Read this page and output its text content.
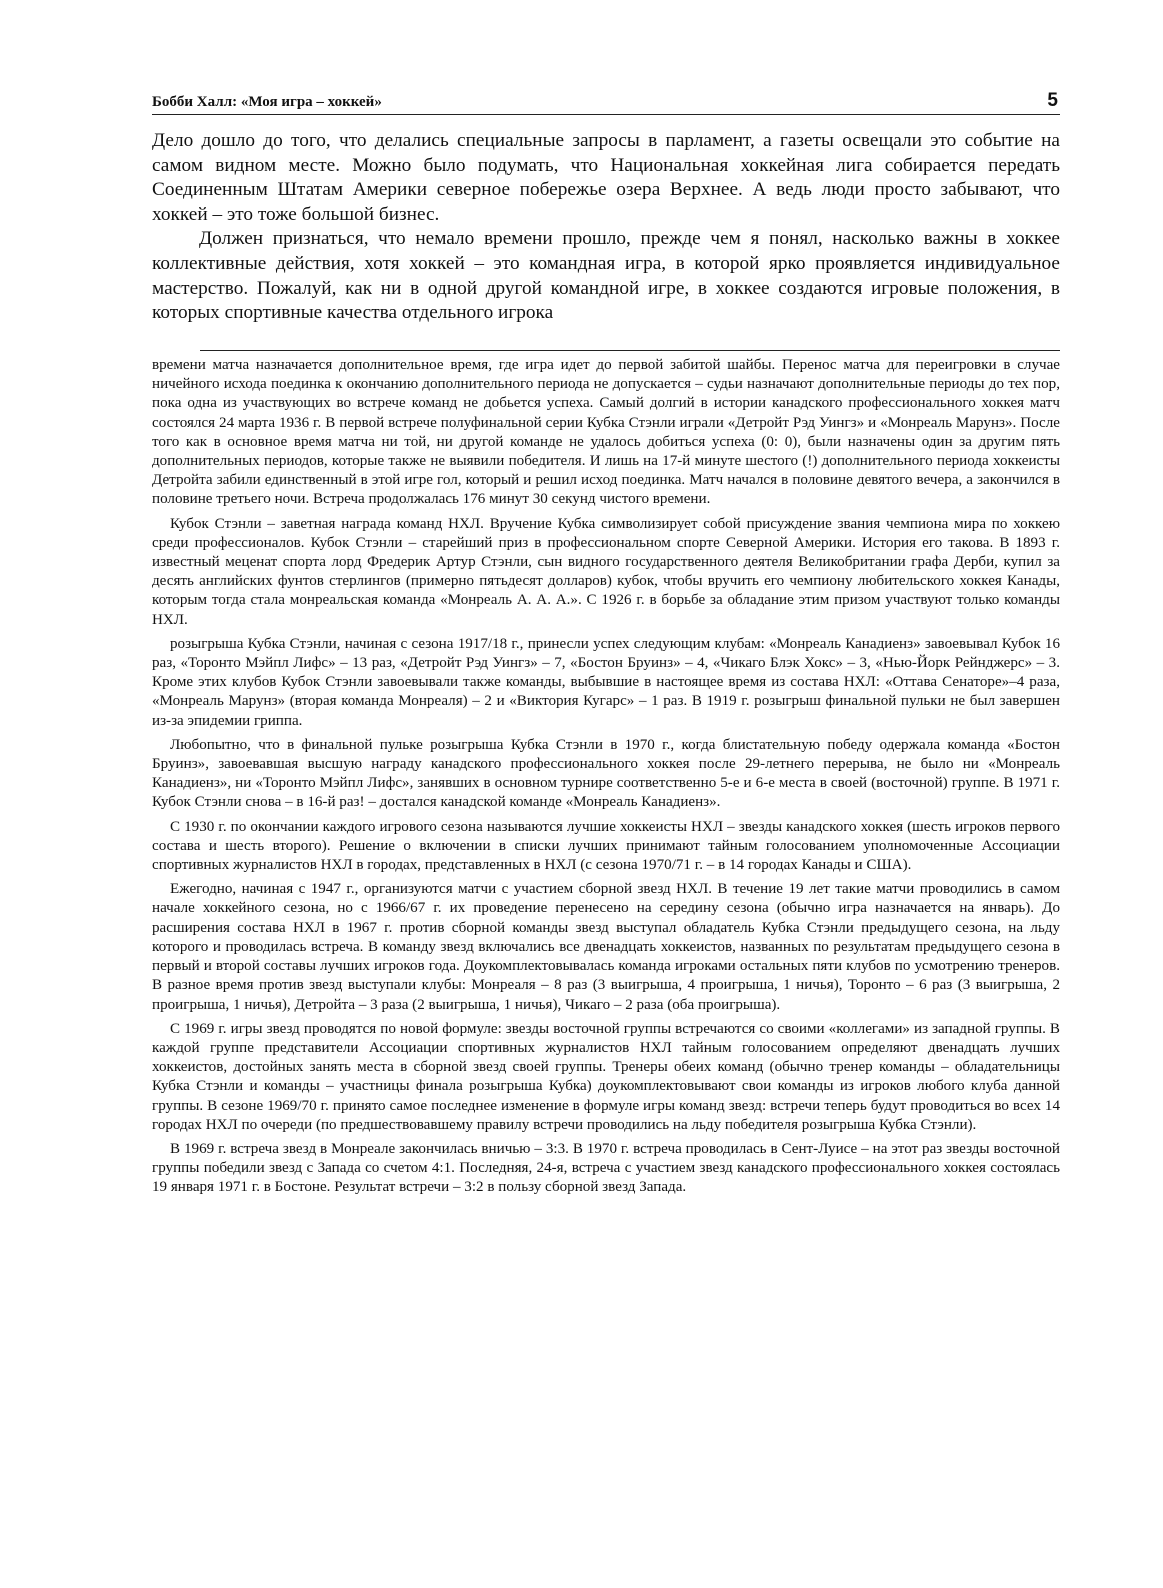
Бобби Халл: «Моя игра – хоккей»	5

Дело дошло до того, что делались специальные запросы в парламент, а газеты освещали это событие на самом видном месте. Можно было подумать, что Национальная хоккейная лига собирается передать Соединенным Штатам Америки северное побережье озера Верхнее. А ведь люди просто забывают, что хоккей – это тоже большой бизнес.

Должен признаться, что немало времени прошло, прежде чем я понял, насколько важны в хоккее коллективные действия, хотя хоккей – это командная игра, в которой ярко проявляется индивидуальное мастерство. Пожалуй, как ни в одной другой командной игре, в хоккее создаются игровые положения, в которых спортивные качества отдельного игрока

времени матча назначается дополнительное время, где игра идет до первой забитой шайбы. Перенос матча для переигровки в случае ничейного исхода поединка к окончанию дополнительного периода не допускается – судьи назначают дополнительные периоды до тех пор, пока одна из участвующих во встрече команд не добьется успеха. Самый долгий в истории канадского профессионального хоккея матч состоялся 24 марта 1936 г. В первой встрече полуфинальной серии Кубка Стэнли играли «Детройт Рэд Уингз» и «Монреаль Марунз». После того как в основное время матча ни той, ни другой команде не удалось добиться успеха (0: 0), были назначены один за другим пять дополнительных периодов, которые также не выявили победителя. И лишь на 17-й минуте шестого (!) дополнительного периода хоккеисты Детройта забили единственный в этой игре гол, который и решил исход поединка. Матч начался в половине девятого вечера, а закончился в половине третьего ночи. Встреча продолжалась 176 минут 30 секунд чистого времени.

Кубок Стэнли – заветная награда команд НХЛ. Вручение Кубка символизирует собой присуждение звания чемпиона мира по хоккею среди профессионалов. Кубок Стэнли – старейший приз в профессиональном спорте Северной Америки. История его такова. В 1893 г. известный меценат спорта лорд Фредерик Артур Стэнли, сын видного государственного деятеля Великобритании графа Дерби, купил за десять английских фунтов стерлингов (примерно пятьдесят долларов) кубок, чтобы вручить его чемпиону любительского хоккея Канады, которым тогда стала монреальская команда «Монреаль А. А. А.». С 1926 г. в борьбе за обладание этим призом участвуют только команды НХЛ.

розыгрыша Кубка Стэнли, начиная с сезона 1917/18 г., принесли успех следующим клубам: «Монреаль Канадиенз» завоевывал Кубок 16 раз, «Торонто Мэйпл Лифс» – 13 раз, «Детройт Рэд Уингз» – 7, «Бостон Бруинз» – 4, «Чикаго Блэк Хокс» – 3, «Нью-Йорк Рейнджерс» – 3. Кроме этих клубов Кубок Стэнли завоевывали также команды, выбывшие в настоящее время из состава НХЛ: «Оттава Сенаторе»–4 раза, «Монреаль Марунз» (вторая команда Монреаля) – 2 и «Виктория Кугарс» – 1 раз. В 1919 г. розыгрыш финальной пульки не был завершен из-за эпидемии гриппа.

Любопытно, что в финальной пульке розыгрыша Кубка Стэнли в 1970 г., когда блистательную победу одержала команда «Бостон Бруинз», завоевавшая высшую награду канадского профессионального хоккея после 29-летнего перерыва, не было ни «Монреаль Канадиенз», ни «Торонто Мэйпл Лифс», занявших в основном турнире соответственно 5-е и 6-е места в своей (восточной) группе. В 1971 г. Кубок Стэнли снова – в 16-й раз! – достался канадской команде «Монреаль Канадиенз».

С 1930 г. по окончании каждого игрового сезона называются лучшие хоккеисты НХЛ – звезды канадского хоккея (шесть игроков первого состава и шесть второго). Решение о включении в списки лучших принимают тайным голосованием уполномоченные Ассоциации спортивных журналистов НХЛ в городах, представленных в НХЛ (с сезона 1970/71 г. – в 14 городах Канады и США).

Ежегодно, начиная с 1947 г., организуются матчи с участием сборной звезд НХЛ. В течение 19 лет такие матчи проводились в самом начале хоккейного сезона, но с 1966/67 г. их проведение перенесено на середину сезона (обычно игра назначается на январь). До расширения состава НХЛ в 1967 г. против сборной команды звезд выступал обладатель Кубка Стэнли предыдущего сезона, на льду которого и проводилась встреча. В команду звезд включались все двенадцать хоккеистов, названных по результатам предыдущего сезона в первый и второй составы лучших игроков года. Доукомплектовывалась команда игроками остальных пяти клубов по усмотрению тренеров. В разное время против звезд выступали клубы: Монреаля – 8 раз (3 выигрыша, 4 проигрыша, 1 ничья), Торонто – 6 раз (3 выигрыша, 2 проигрыша, 1 ничья), Детройта – 3 раза (2 выигрыша, 1 ничья), Чикаго – 2 раза (оба проигрыша).

С 1969 г. игры звезд проводятся по новой формуле: звезды восточной группы встречаются со своими «коллегами» из западной группы. В каждой группе представители Ассоциации спортивных журналистов НХЛ тайным голосованием определяют двенадцать лучших хоккеистов, достойных занять места в сборной звезд своей группы. Тренеры обеих команд (обычно тренер команды – обладательницы Кубка Стэнли и команды – участницы финала розыгрыша Кубка) доукомплектовывают свои команды из игроков любого клуба данной группы. В сезоне 1969/70 г. принято самое последнее изменение в формуле игры команд звезд: встречи теперь будут проводиться во всех 14 городах НХЛ по очереди (по предшествовавшему правилу встречи проводились на льду победителя розыгрыша Кубка Стэнли).

В 1969 г. встреча звезд в Монреале закончилась вничью – 3:3. В 1970 г. встреча проводилась в Сент-Луисе – на этот раз звезды восточной группы победили звезд с Запада со счетом 4:1. Последняя, 24-я, встреча с участием звезд канадского профессионального хоккея состоялась 19 января 1971 г. в Бостоне. Результат встречи – 3:2 в пользу сборной звезд Запада.
